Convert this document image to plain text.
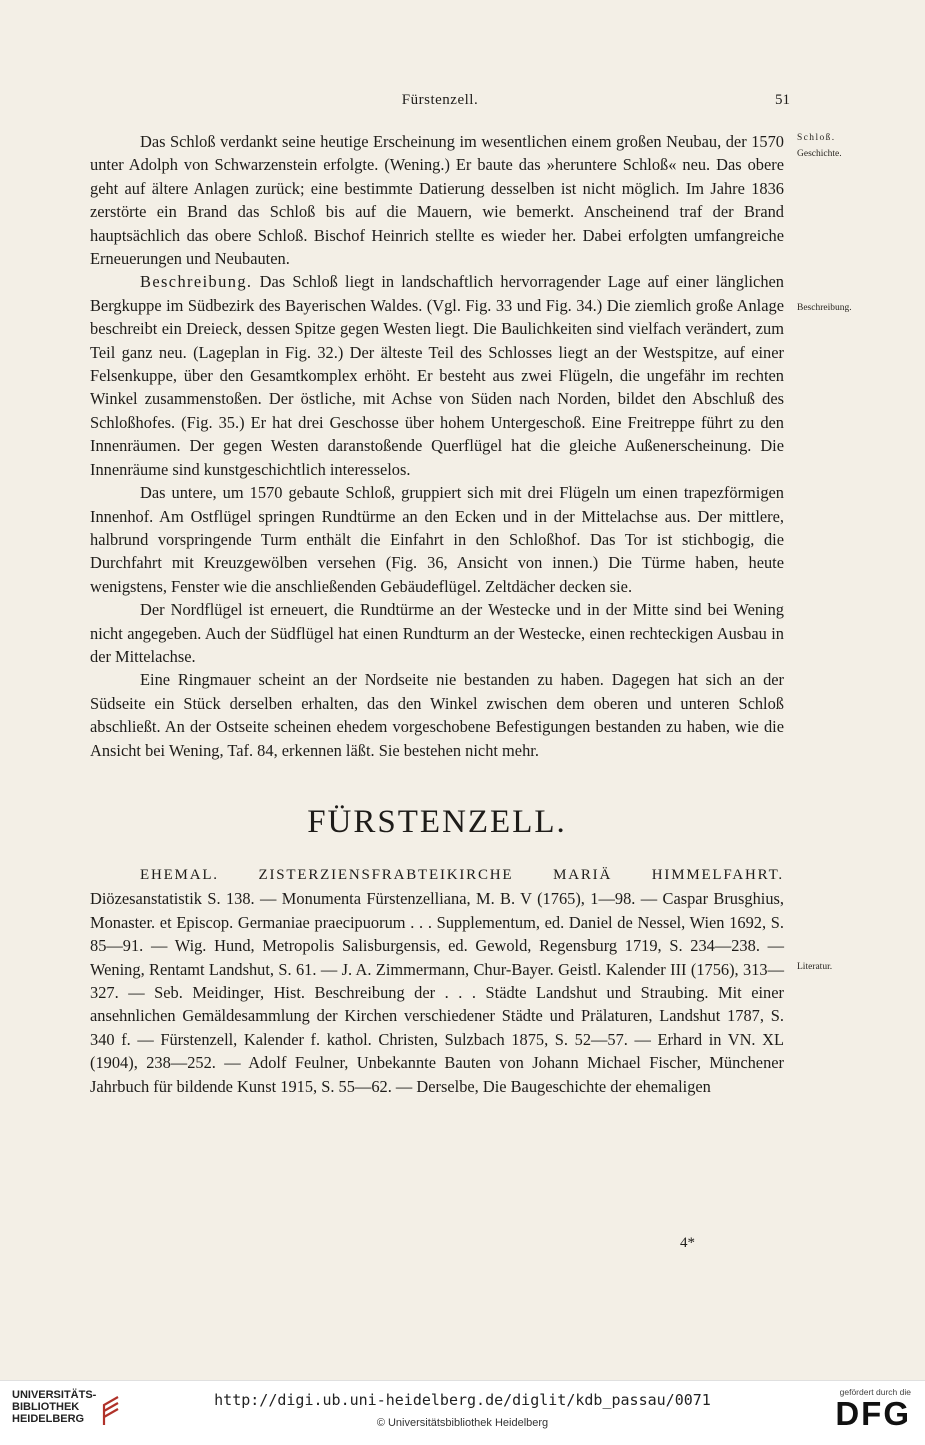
Fürstenzell.	51
Schloß.
Geschichte.
Beschreibung.
Literatur.

Das Schloß verdankt seine heutige Erscheinung im wesentlichen einem großen Neubau, der 1570 unter Adolph von Schwarzenstein erfolgte. (Wening.) Er baute das »heruntere Schloß« neu. Das obere geht auf ältere Anlagen zurück; eine bestimmte Datierung desselben ist nicht möglich. Im Jahre 1836 zerstörte ein Brand das Schloß bis auf die Mauern, wie bemerkt. Anscheinend traf der Brand hauptsächlich das obere Schloß. Bischof Heinrich stellte es wieder her. Dabei erfolgten umfangreiche Erneuerungen und Neubauten.

Beschreibung. Das Schloß liegt in landschaftlich hervorragender Lage auf einer länglichen Bergkuppe im Südbezirk des Bayerischen Waldes. (Vgl. Fig. 33 und Fig. 34.) Die ziemlich große Anlage beschreibt ein Dreieck, dessen Spitze gegen Westen liegt. Die Baulichkeiten sind vielfach verändert, zum Teil ganz neu. (Lageplan in Fig. 32.) Der älteste Teil des Schlosses liegt an der Westspitze, auf einer Felsenkuppe, über den Gesamtkomplex erhöht. Er besteht aus zwei Flügeln, die ungefähr im rechten Winkel zusammenstoßen. Der östliche, mit Achse von Süden nach Norden, bildet den Abschluß des Schloßhofes. (Fig. 35.) Er hat drei Geschosse über hohem Untergeschoß. Eine Freitreppe führt zu den Innenräumen. Der gegen Westen daranstoßende Querflügel hat die gleiche Außenerscheinung. Die Innenräume sind kunstgeschichtlich interesselos.

Das untere, um 1570 gebaute Schloß, gruppiert sich mit drei Flügeln um einen trapezförmigen Innenhof. Am Ostflügel springen Rundtürme an den Ecken und in der Mittelachse aus. Der mittlere, halbrund vorspringende Turm enthält die Einfahrt in den Schloßhof. Das Tor ist stichbogig, die Durchfahrt mit Kreuzgewölben versehen (Fig. 36, Ansicht von innen.) Die Türme haben, heute wenigstens, Fenster wie die anschließenden Gebäudeflügel. Zeltdächer decken sie.

Der Nordflügel ist erneuert, die Rundtürme an der Westecke und in der Mitte sind bei Wening nicht angegeben. Auch der Südflügel hat einen Rundturm an der Westecke, einen rechteckigen Ausbau in der Mittelachse.

Eine Ringmauer scheint an der Nordseite nie bestanden zu haben. Dagegen hat sich an der Südseite ein Stück derselben erhalten, das den Winkel zwischen dem oberen und unteren Schloß abschließt. An der Ostseite scheinen ehedem vorgeschobene Befestigungen bestanden zu haben, wie die Ansicht bei Wening, Taf. 84, erkennen läßt. Sie bestehen nicht mehr.

FÜRSTENZELL.

EHEMAL. ZISTERZIENSFRABTEIKIRCHE MARIÄ HIMMELFAHRT. Diözesanstatistik S. 138. — Monumenta Fürstenzelliana, M. B. V (1765), 1—98. — Caspar Brusghius, Monaster. et Episcop. Germaniae praecipuorum . . . Supplementum, ed. Daniel de Nessel, Wien 1692, S. 85—91. — Wig. Hund, Metropolis Salisburgensis, ed. Gewold, Regensburg 1719, S. 234—238. — Wening, Rentamt Landshut, S. 61. — J. A. Zimmermann, Chur-Bayer. Geistl. Kalender III (1756), 313—327. — Seb. Meidinger, Hist. Beschreibung der . . . Städte Landshut und Straubing. Mit einer ansehnlichen Gemäldesammlung der Kirchen verschiedener Städte und Prälaturen, Landshut 1787, S. 340 f. — Fürstenzell, Kalender f. kathol. Christen, Sulzbach 1875, S. 52—57. — Erhard in VN. XL (1904), 238—252. — Adolf Feulner, Unbekannte Bauten von Johann Michael Fischer, Münchener Jahrbuch für bildende Kunst 1915, S. 55—62. — Derselbe, Die Baugeschichte der ehemaligen

4*
UNIVERSITÄTS-
BIBLIOTHEK
HEIDELBERG
http://digi.ub.uni-heidelberg.de/diglit/kdb_passau/0071
© Universitätsbibliothek Heidelberg
gefördert durch die
DFG
